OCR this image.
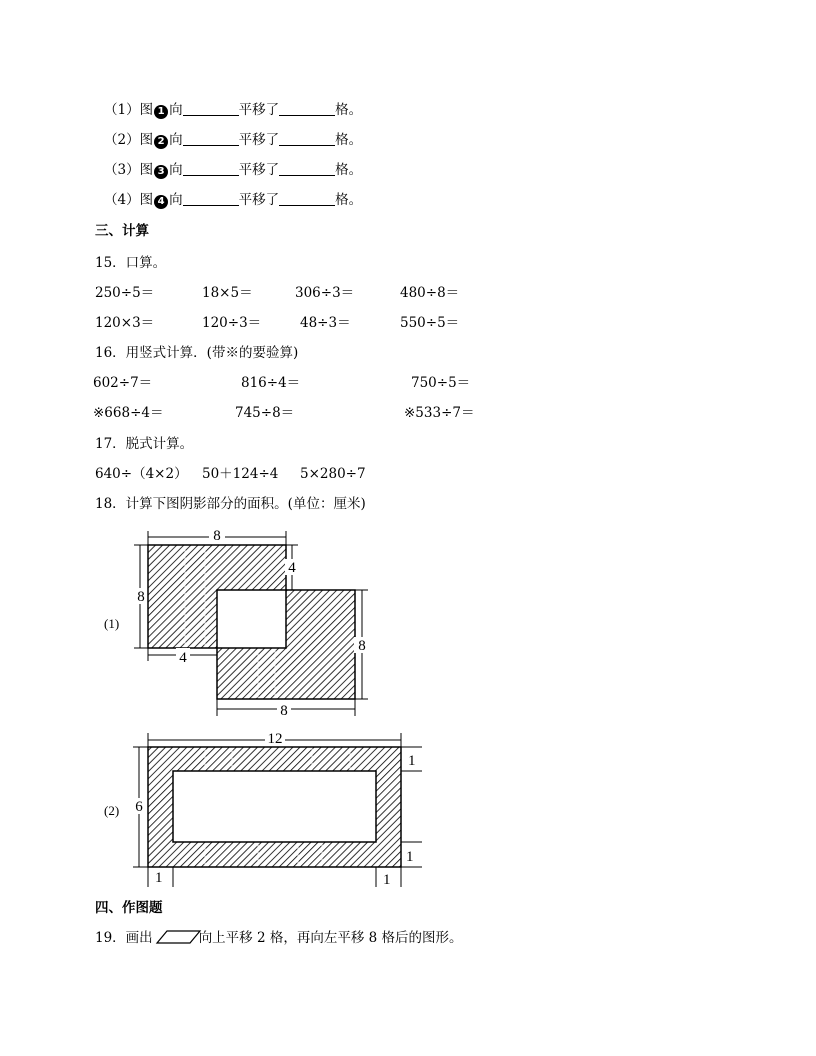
（1）图 1 向	平移了	格。
（2）图 2 向	平移了	格。
（3）图 3 向	平移了	格。
（4）图 4 向	平移了	格。
三、计算
15．口算。
250÷5＝	18×5＝	306÷3＝	480÷8＝
120×3＝	120÷3＝	48÷3＝	550÷5＝
16．用竖式计算．(带※的要验算)
602÷7＝	816÷4＝	750÷5＝
※668÷4＝	745÷8＝	※533÷7＝
17．脱式计算。
640÷（4×2） 50＋124÷4 5×280÷7
18．计算下图阴影部分的面积。(单位：厘米)
8
8
4
4
8
8
(1)
12
6
1
1
1	1
(2)
四、作图题
19．画出	向上平移 2 格，再向左平移 8 格后的图形。
